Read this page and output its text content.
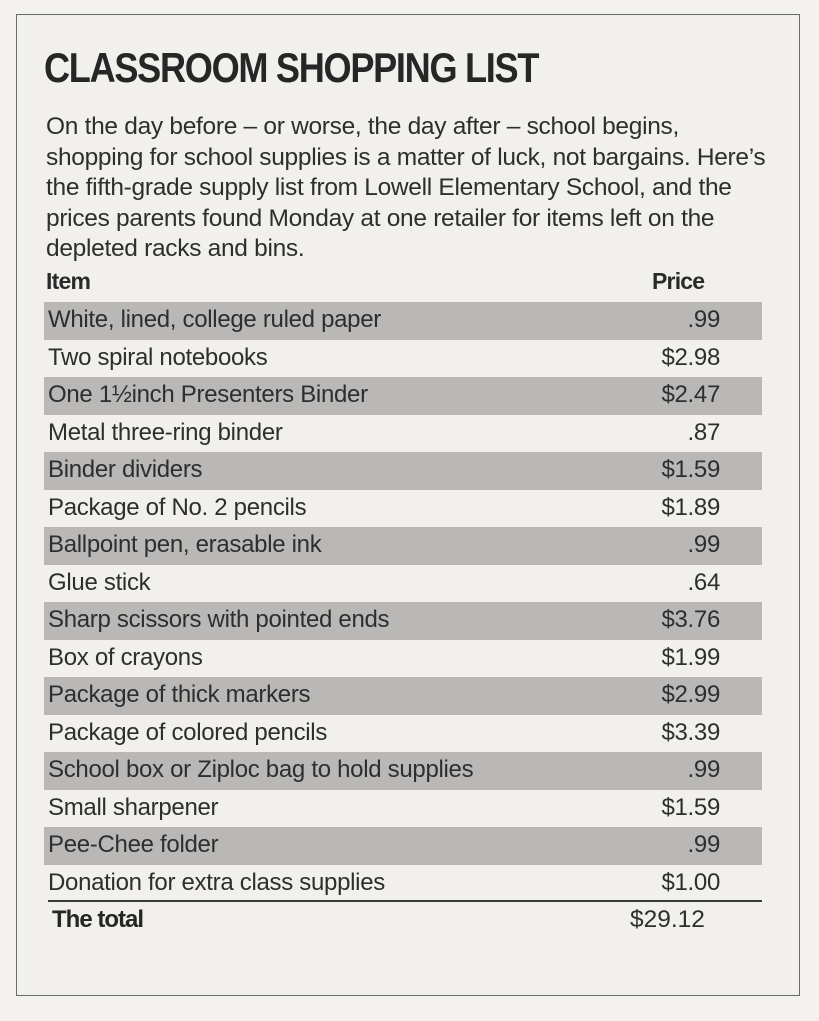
CLASSROOM SHOPPING LIST
On the day before – or worse, the day after – school begins, shopping for school supplies is a matter of luck, not bargains. Here’s the fifth-grade supply list from Lowell Elementary School, and the prices parents found Monday at one retailer for items left on the depleted racks and bins.
Item	Price
White, lined, college ruled paper	.99
Two spiral notebooks	$2.98
One 1½inch Presenters Binder	$2.47
Metal three-ring binder	.87
Binder dividers	$1.59
Package of No. 2 pencils	$1.89
Ballpoint pen, erasable ink	.99
Glue stick	.64
Sharp scissors with pointed ends	$3.76
Box of crayons	$1.99
Package of thick markers	$2.99
Package of colored pencils	$3.39
School box or Ziploc bag to hold supplies	.99
Small sharpener	$1.59
Pee-Chee folder	.99
Donation for extra class supplies	$1.00
The total	$29.12
